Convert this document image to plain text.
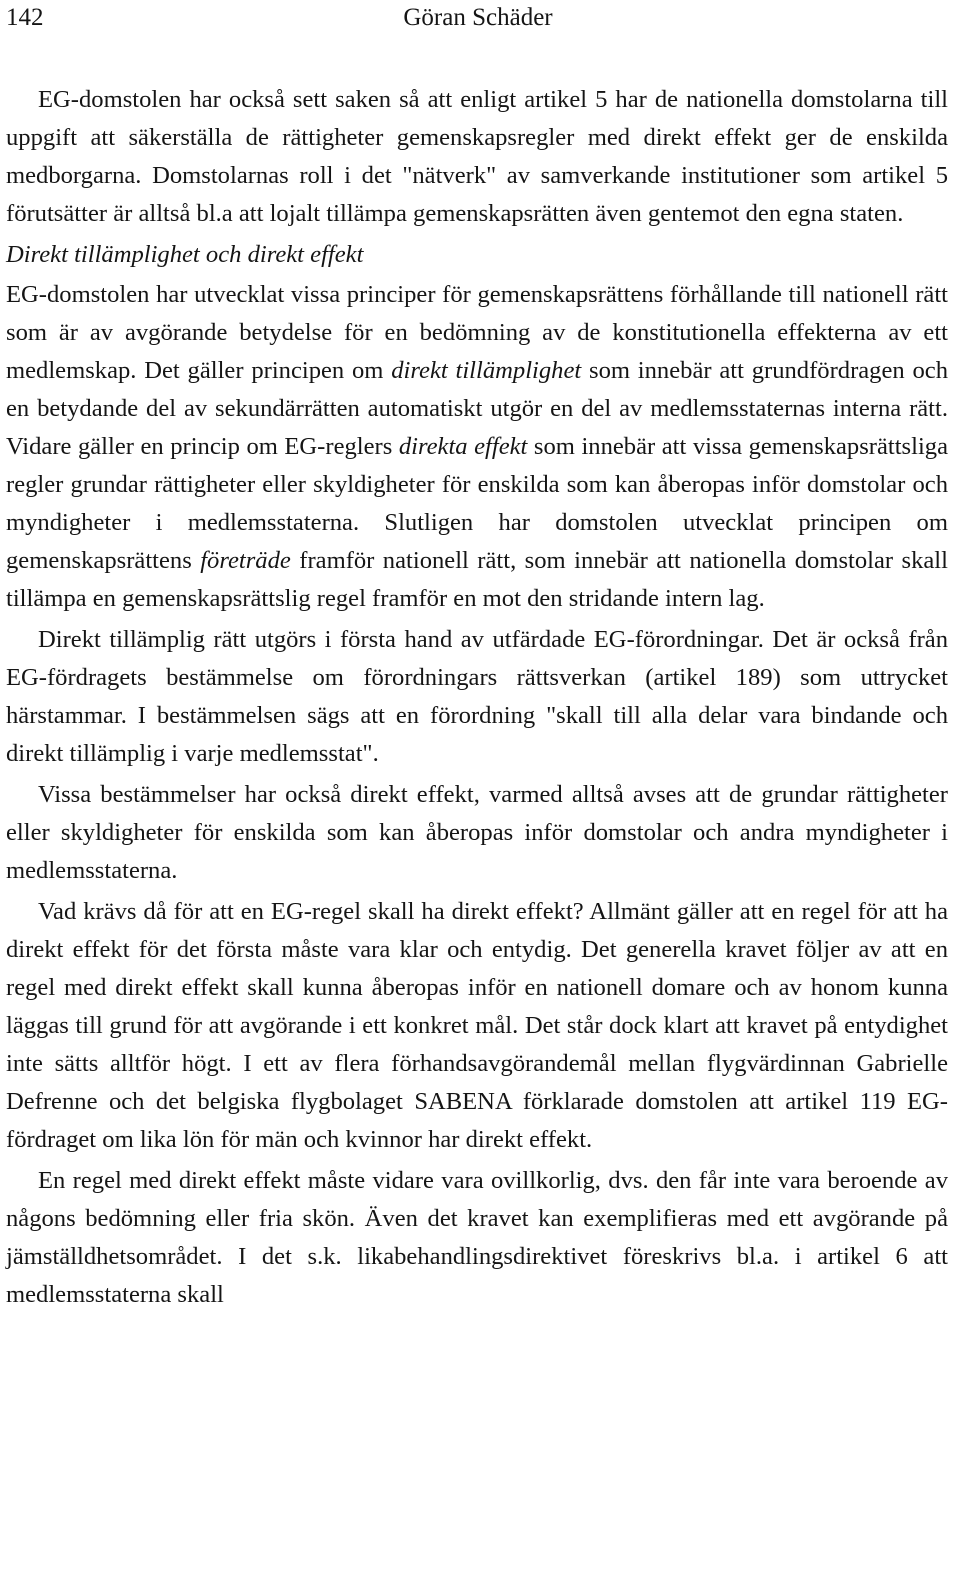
142	Göran Schäder

EG-domstolen har också sett saken så att enligt artikel 5 har de nationella domstolarna till uppgift att säkerställa de rättigheter gemenskapsregler med direkt effekt ger de enskilda medborgarna. Domstolarnas roll i det "nätverk" av samverkande institutioner som artikel 5 förutsätter är alltså bl.a att lojalt tillämpa gemenskapsrätten även gentemot den egna staten.

Direkt tillämplighet och direkt effekt

EG-domstolen har utvecklat vissa principer för gemenskapsrättens förhållande till nationell rätt som är av avgörande betydelse för en bedömning av de konstitutionella effekterna av ett medlemskap. Det gäller principen om direkt tillämplighet som innebär att grundfördragen och en betydande del av sekundärrätten automatiskt utgör en del av medlemsstaternas interna rätt. Vidare gäller en princip om EG-reglers direkta effekt som innebär att vissa gemenskapsrättsliga regler grundar rättigheter eller skyldigheter för enskilda som kan åberopas inför domstolar och myndigheter i medlemsstaterna. Slutligen har domstolen utvecklat principen om gemenskapsrättens företräde framför nationell rätt, som innebär att nationella domstolar skall tillämpa en gemenskapsrättslig regel framför en mot den stridande intern lag.

Direkt tillämplig rätt utgörs i första hand av utfärdade EG-förordningar. Det är också från EG-fördragets bestämmelse om förordningars rättsverkan (artikel 189) som uttrycket härstammar. I bestämmelsen sägs att en förordning "skall till alla delar vara bindande och direkt tillämplig i varje medlemsstat".

Vissa bestämmelser har också direkt effekt, varmed alltså avses att de grundar rättigheter eller skyldigheter för enskilda som kan åberopas inför domstolar och andra myndigheter i medlemsstaterna.

Vad krävs då för att en EG-regel skall ha direkt effekt? Allmänt gäller att en regel för att ha direkt effekt för det första måste vara klar och entydig. Det generella kravet följer av att en regel med direkt effekt skall kunna åberopas inför en nationell domare och av honom kunna läggas till grund för att avgörande i ett konkret mål. Det står dock klart att kravet på entydighet inte sätts alltför högt. I ett av flera förhandsavgörandemål mellan flygvärdinnan Gabrielle Defrenne och det belgiska flygbolaget SABENA förklarade domstolen att artikel 119 EG-fördraget om lika lön för män och kvinnor har direkt effekt.

En regel med direkt effekt måste vidare vara ovillkorlig, dvs. den får inte vara beroende av någons bedömning eller fria skön. Även det kravet kan exemplifieras med ett avgörande på jämställdhetsområdet. I det s.k. likabehandlingsdirektivet föreskrivs bl.a. i artikel 6 att medlemsstaterna skall
